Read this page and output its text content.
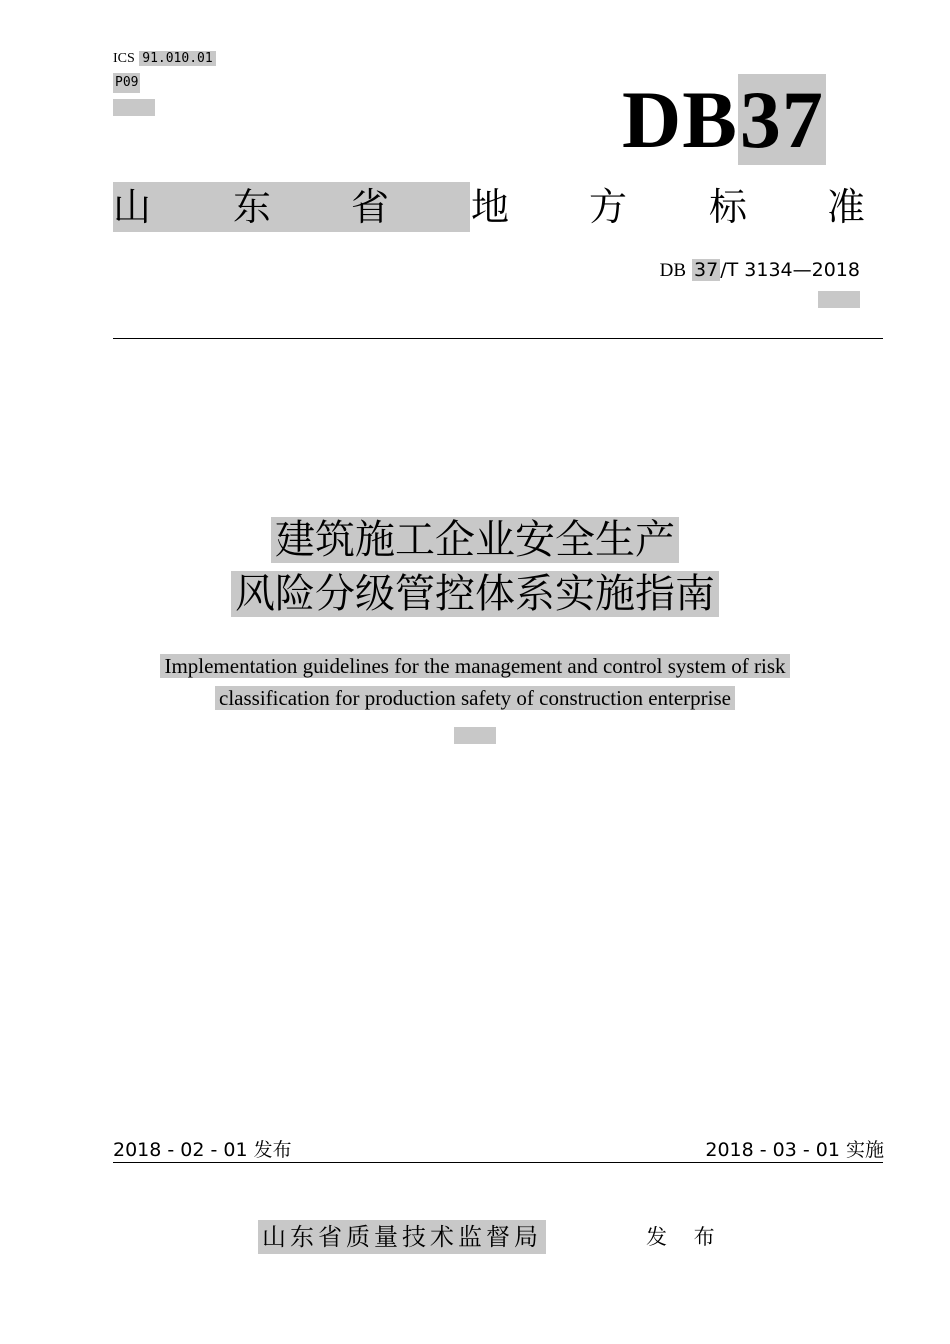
ICS 91.010.01
P09	DB37
山 东 省 地 方 标 准
DB 37 /T 3134—2018
建筑施工企业安全生产
风险分级管控体系实施指南
Implementation guidelines for the management and control system of risk
classification for production safety of construction enterprise
2018 - 02 - 01 发布	2018 - 03 - 01 实施
山东省质量技术监督局	发 布
